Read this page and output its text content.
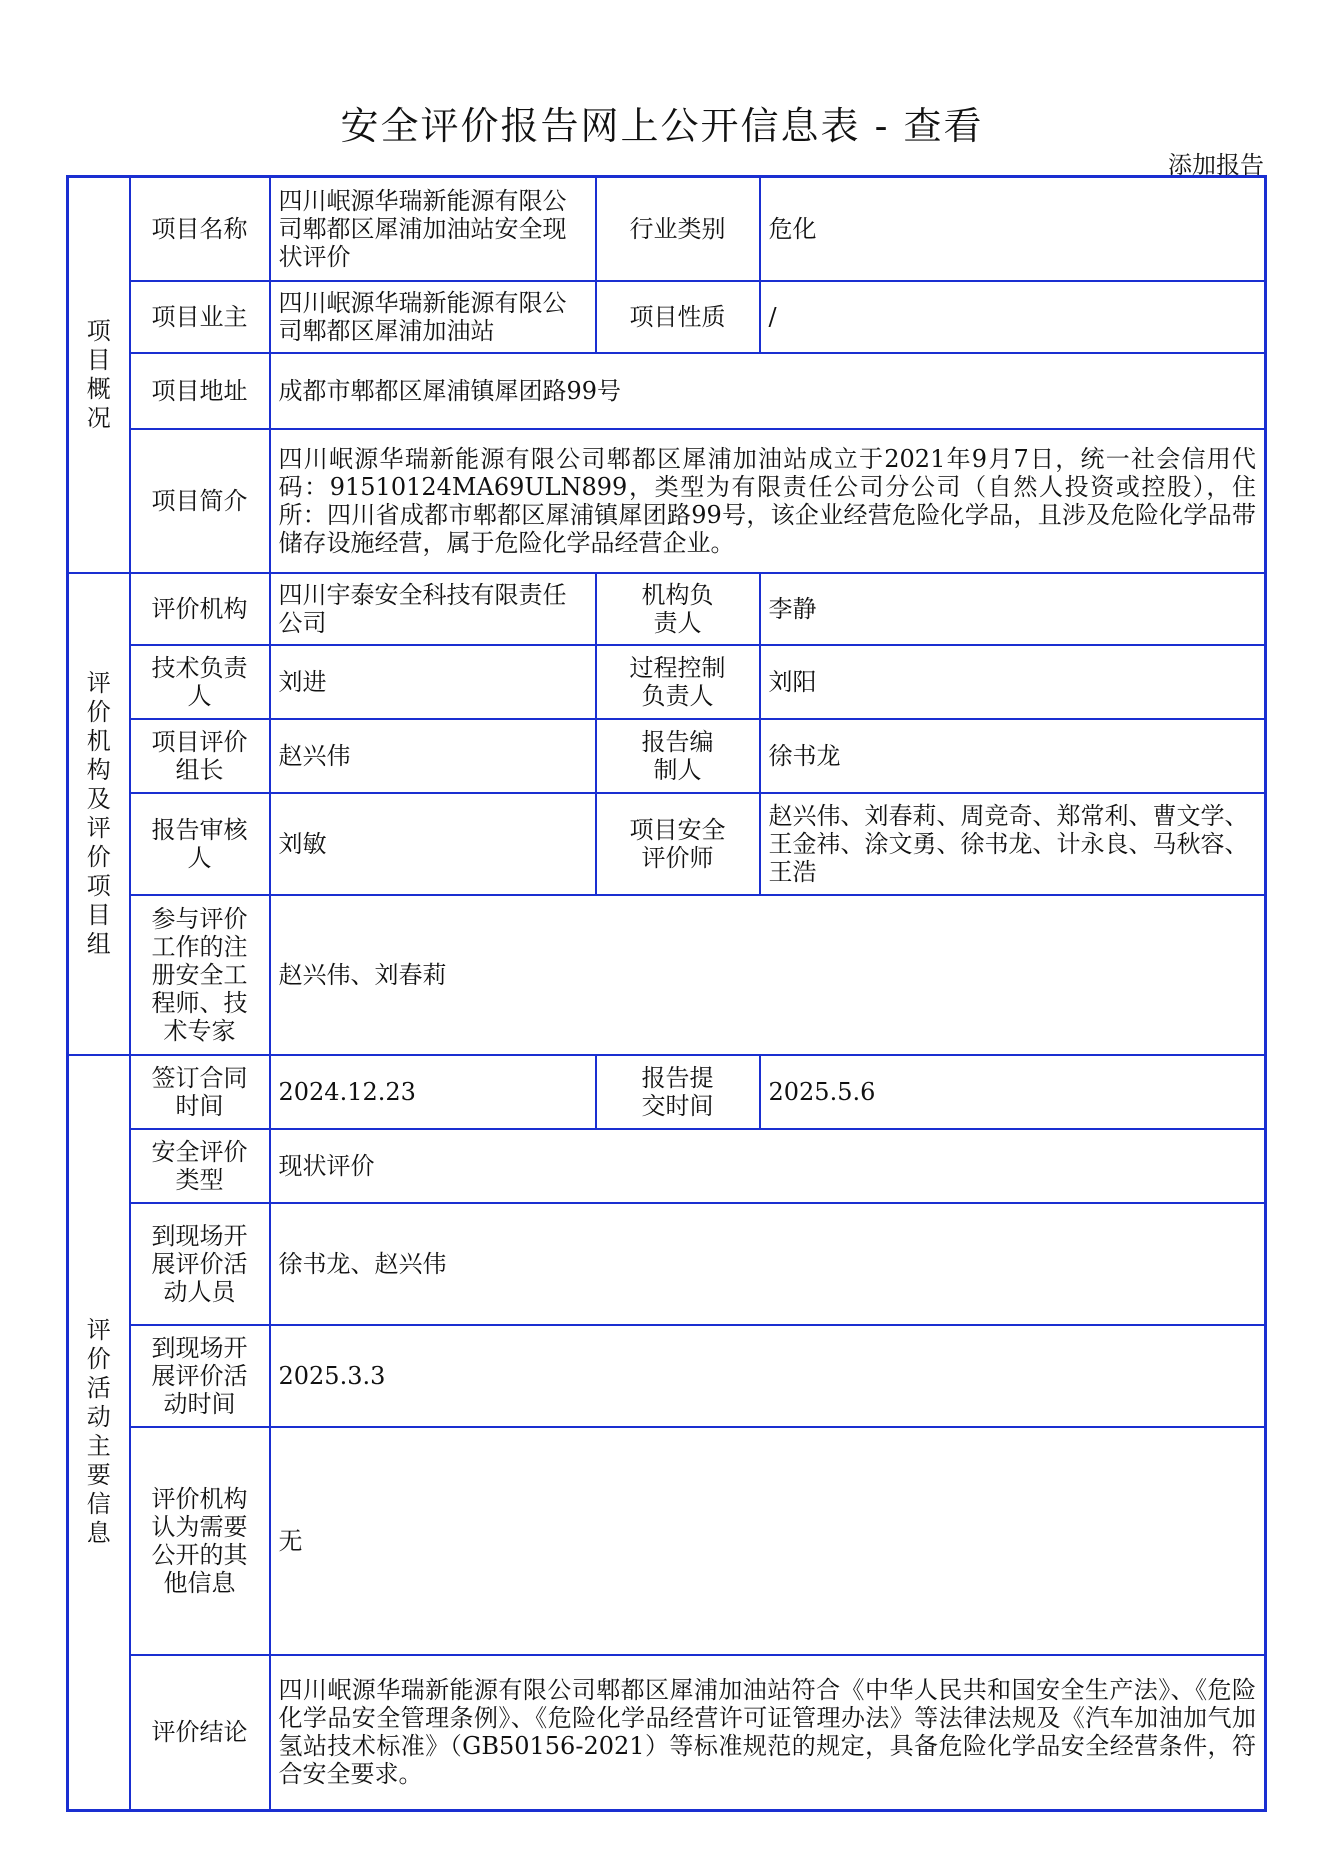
安全评价报告网上公开信息表 - 查看
添加报告
项目概况	项目名称	四川岷源华瑞新能源有限公司郫都区犀浦加油站安全现状评价	行业类别	危化
	项目业主	四川岷源华瑞新能源有限公司郫都区犀浦加油站	项目性质	/
	项目地址	成都市郫都区犀浦镇犀团路99号		
	项目简介	四川岷源华瑞新能源有限公司郫都区犀浦加油站成立于2021年9月7日，统一社会信用代码：91510124MA69ULN899，类型为有限责任公司分公司（自然人投资或控股），住所：四川省成都市郫都区犀浦镇犀团路99号，该企业经营危险化学品，且涉及危险化学品带储存设施经营，属于危险化学品经营企业。		

评价机构及评价项目组	评价机构	四川宇泰安全科技有限责任公司	机构负责人	李静
	技术负责人	刘进	过程控制负责人	刘阳
	项目评价组长	赵兴伟	报告编制人	徐书龙
	报告审核人	刘敏	项目安全评价师	赵兴伟、刘春莉、周竞奇、郑常利、曹文学、王金祎、涂文勇、徐书龙、计永良、马秋容、王浩
	参与评价工作的注册安全工程师、技术专家	赵兴伟、刘春莉		

评价活动主要信息	签订合同时间	2024.12.23	报告提交时间	2025.5.6
	安全评价类型	现状评价		
	到现场开展评价活动人员	徐书龙、赵兴伟		
	到现场开展评价活动时间	2025.3.3		
	评价机构认为需要公开的其他信息	无		
	评价结论	四川岷源华瑞新能源有限公司郫都区犀浦加油站符合《中华人民共和国安全生产法》、《危险化学品安全管理条例》、《危险化学品经营许可证管理办法》等法律法规及《汽车加油加气加氢站技术标准》（GB50156-2021）等标准规范的规定，具备危险化学品安全经营条件，符合安全要求。		
